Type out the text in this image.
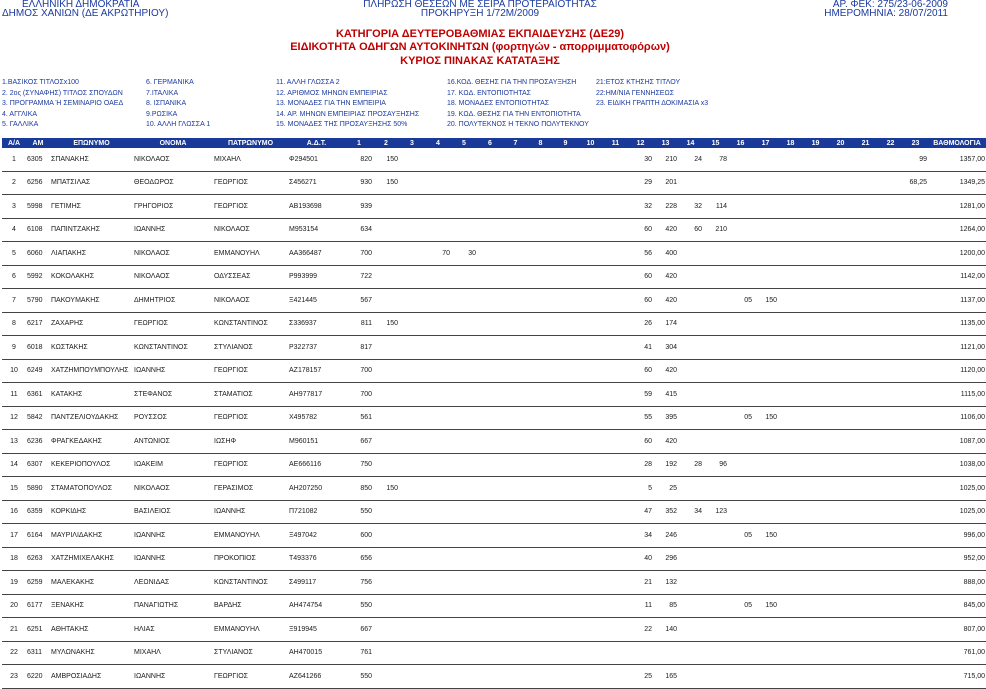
ΕΛΛΗΝΙΚΗ ΔΗΜΟΚΡΑΤΙΑ
ΔΗΜΟΣ ΧΑΝΙΩΝ (ΔΕ ΑΚΡΩΤΗΡΙΟΥ)
ΠΛΗΡΩΣΗ ΘΕΣΕΩΝ ΜΕ ΣΕΙΡΑ ΠΡΟΤΕΡΑΙΟΤΗΤΑΣ
ΠΡΟΚΗΡΥΞΗ 1/72Μ/2009
ΑΡ. ΦΕΚ: 275/23-06-2009
ΗΜΕΡΟΜΗΝΙΑ: 28/07/2011
ΚΑΤΗΓΟΡΙΑ ΔΕΥΤΕΡΟΒΑΘΜΙΑΣ ΕΚΠΑΙΔΕΥΣΗΣ (ΔΕ29)
ΕΙΔΙΚΟΤΗΤΑ ΟΔΗΓΩΝ ΑΥΤΟΚΙΝΗΤΩΝ (φορτηγών - απορριμματοφόρων)
ΚΥΡΙΟΣ ΠΙΝΑΚΑΣ ΚΑΤΑΤΑΞΗΣ
1.ΒΑΣΙΚΟΣ ΤΙΤΛΟΣx100	6. ΓΕΡΜΑΝΙΚΑ	11. ΑΛΛΗ ΓΛΩΣΣΑ 2	16.ΚΟΔ. ΘΕΣΗΣ ΓΙΑ ΤΗΝ ΠΡΟΣΑΥΞΗΣΗ	21:ΕΤΟΣ ΚΤΗΣΗΣ ΤΙΤΛΟΥ
2. 2ος (ΣΥΝΑΦΗΣ) ΤΙΤΛΟΣ ΣΠΟΥΔΩΝ	7.ΙΤΑΛΙΚΑ	12. ΑΡΙΘΜΟΣ ΜΗΝΩΝ ΕΜΠΕΙΡΙΑΣ	17. ΚΩΔ. ΕΝΤΟΠΙΟΤΗΤΑΣ	22:ΗΜ/ΝΙΑ ΓΕΝΝΗΣΕΩΣ
3. ΠΡΟΓΡΑΜΜΑ Ή ΣΕΜΙΝΑΡΙΟ ΟΑΕΔ	8. ΙΣΠΑΝΙΚΑ	13. ΜΟΝΑΔΕΣ ΓΙΑ ΤΗΝ ΕΜΠΕΙΡΙΑ	18. ΜΟΝΑΔΕΣ ΕΝΤΟΠΙΟΤΗΤΑΣ	23. ΕΙΔΙΚΗ ΓΡΑΠΤΗ ΔΟΚΙΜΑΣΙΑ x3
4. ΑΓΓΛΙΚΑ	9.ΡΩΣΙΚΑ	14. ΑΡ. ΜΗΝΩΝ ΕΜΠΕΙΡΙΑΣ ΠΡΟΣΑΥΞΗΣΗΣ	19. ΚΩΔ. ΘΕΣΗΣ ΓΙΑ ΤΗΝ ΕΝΤΟΠΙΟΤΗΤΑ
5. ΓΑΛΛΙΚΑ	10. ΑΛΛΗ ΓΛΩΣΣΑ 1	15. ΜΟΝΑΔΕΣ ΤΗΣ ΠΡΟΣΑΥΞΗΣΗΣ 50%	20. ΠΟΛΥΤΕΚΝΟΣ Η ΤΕΚΝΟ ΠΟΛΥΤΕΚΝΟΥ
Α/Α	ΑΜ	ΕΠΩΝΥΜΟ	ΟΝΟΜΑ	ΠΑΤΡΩΝΥΜΟ	Α.Δ.Τ.	1	2	3	4	5	6	7	8	9	10	11	12	13	14	15	16	17	18	19	20	21	22	23	ΒΑΘΜΟΛΟΓΙΑ
1	6305	ΣΠΑΝΑΚΗΣ	ΝΙΚΟΛΑΟΣ	ΜΙΧΑΗΛ	Φ294501	820	150										30	210	24	78								99	1357,00
2	6256	ΜΠΑΤΣΙΛΑΣ	ΘΕΟΔΩΡΟΣ	ΓΕΩΡΓΙΟΣ	Σ456271	930	150										29	201										68,25	1349,25
3	5998	ΓΕΤΙΜΗΣ	ΓΡΗΓΟΡΙΟΣ	ΓΕΩΡΓΙΟΣ	ΑΒ193698	939											32	228	32	114									1281,00
4	6108	ΠΑΠΙΝΤΖΑΚΗΣ	ΙΩΑΝΝΗΣ	ΝΙΚΟΛΑΟΣ	Μ953154	634											60	420	60	210									1264,00
5	6060	ΛΙΑΠΑΚΗΣ	ΝΙΚΟΛΑΟΣ	ΕΜΜΑΝΟΥΗΛ	ΑΑ366487	700			70	30							56	400											1200,00
6	5992	ΚΟΚΟΛΑΚΗΣ	ΝΙΚΟΛΑΟΣ	ΟΔΥΣΣΕΑΣ	Ρ993999	722											60	420											1142,00
7	5790	ΠΑΚΟΥΜΑΚΗΣ	ΔΗΜΗΤΡΙΟΣ	ΝΙΚΟΛΑΟΣ	Ξ421445	567											60	420			05	150							1137,00
8	6217	ΖΑΧΑΡΗΣ	ΓΕΩΡΓΙΟΣ	ΚΩΝΣΤΑΝΤΙΝΟΣ	Σ336937	811	150										26	174											1135,00
9	6018	ΚΩΣΤΑΚΗΣ	ΚΩΝΣΤΑΝΤΙΝΟΣ	ΣΤΥΛΙΑΝΟΣ	Ρ322737	817											41	304											1121,00
10	6249	ΧΑΤΖΗΜΠΟΥΜΠΟΥΛΗΣ	ΙΩΑΝΝΗΣ	ΓΕΩΡΓΙΟΣ	ΑΖ178157	700											60	420											1120,00
11	6361	ΚΑΤΑΚΗΣ	ΣΤΕΦΑΝΟΣ	ΣΤΑΜΑΤΙΟΣ	ΑΗ977817	700											59	415											1115,00
12	5842	ΠΑΝΤΖΕΛΙΟΥΔΑΚΗΣ	ΡΟΥΣΣΟΣ	ΓΕΩΡΓΙΟΣ	Χ495782	561											55	395			05	150							1106,00
13	6236	ΦΡΑΓΚΕΔΑΚΗΣ	ΑΝΤΩΝΙΟΣ	ΙΩΣΗΦ	Μ960151	667											60	420											1087,00
14	6307	ΚΕΚΕΡΙΟΠΟΥΛΟΣ	ΙΩΑΚΕΙΜ	ΓΕΩΡΓΙΟΣ	ΑΕ666116	750											28	192	28	96									1038,00
15	5890	ΣΤΑΜΑΤΟΠΟΥΛΟΣ	ΝΙΚΟΛΑΟΣ	ΓΕΡΑΣΙΜΟΣ	ΑΗ207250	850	150										5	25											1025,00
16	6359	ΚΟΡΚΙΔΗΣ	ΒΑΣΙΛΕΙΟΣ	ΙΩΑΝΝΗΣ	Π721082	550											47	352	34	123									1025,00
17	6164	ΜΑΥΡΙΛΙΔΑΚΗΣ	ΙΩΑΝΝΗΣ	ΕΜΜΑΝΟΥΗΛ	Ξ497042	600											34	246			05	150							996,00
18	6263	ΧΑΤΖΗΜΙΧΕΛΑΚΗΣ	ΙΩΑΝΝΗΣ	ΠΡΟΚΟΠΙΟΣ	Τ493376	656											40	296											952,00
19	6259	ΜΑΛΕΚΑΚΗΣ	ΛΕΩΝΙΔΑΣ	ΚΩΝΣΤΑΝΤΙΝΟΣ	Σ499117	756											21	132											888,00
20	6177	ΞΕΝΑΚΗΣ	ΠΑΝΑΓΙΩΤΗΣ	ΒΑΡΔΗΣ	ΑΗ474754	550											11	85			05	150							845,00
21	6251	ΑΘΗΤΑΚΗΣ	ΗΛΙΑΣ	ΕΜΜΑΝΟΥΗΛ	Ξ919945	667											22	140											807,00
22	6311	ΜΥΛΩΝΑΚΗΣ	ΜΙΧΑΗΛ	ΣΤΥΛΙΑΝΟΣ	ΑΗ470015	761																							761,00
23	6220	ΑΜΒΡΟΣΙΑΔΗΣ	ΙΩΑΝΝΗΣ	ΓΕΩΡΓΙΟΣ	ΑΖ641266	550											25	165											715,00
